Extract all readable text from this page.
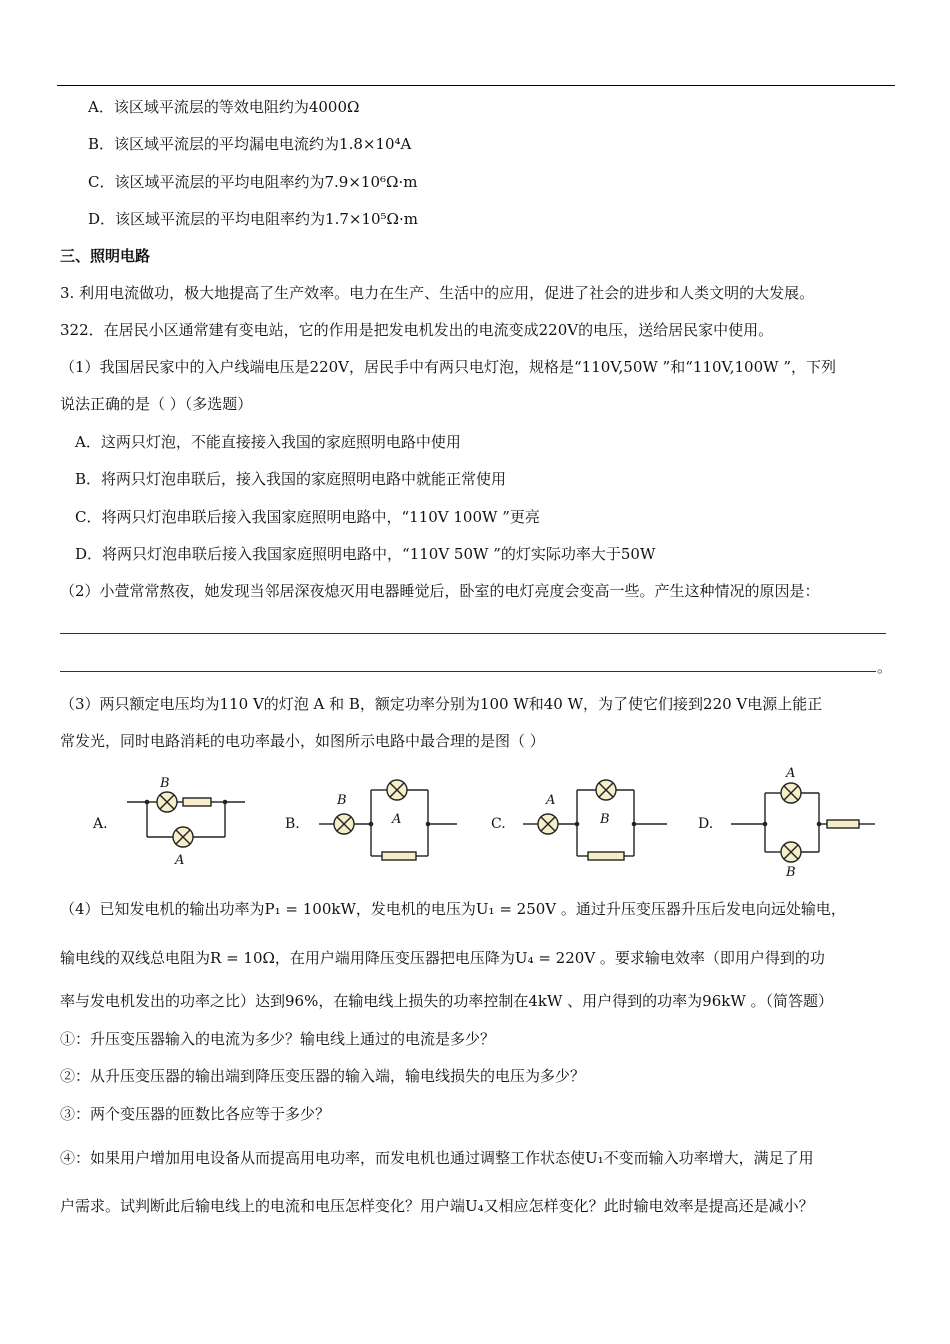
A．该区域平流层的等效电阻约为4000Ω
B．该区域平流层的平均漏电电流约为1.8×10⁴A
C．该区域平流层的平均电阻率约为7.9×10⁶Ω·m
D．该区域平流层的平均电阻率约为1.7×10⁵Ω·m
三、照明电路
3. 利用电流做功，极大地提高了生产效率。电力在生产、生活中的应用，促进了社会的进步和人类文明的大发展。
322．在居民小区通常建有变电站，它的作用是把发电机发出的电流变成220V的电压，送给居民家中使用。
（1）我国居民家中的入户线端电压是220V，居民手中有两只电灯泡，规格是“110V,50W ”和“110V,100W ”，下列
说法正确的是（ ）（多选题）
A．这两只灯泡，不能直接接入我国的家庭照明电路中使用
B．将两只灯泡串联后，接入我国的家庭照明电路中就能正常使用
C．将两只灯泡串联后接入我国家庭照明电路中，“110V 100W ”更亮
D．将两只灯泡串联后接入我国家庭照明电路中，“110V 50W ”的灯实际功率大于50W
（2）小萱常常熬夜，她发现当邻居深夜熄灭用电器睡觉后，卧室的电灯亮度会变高一些。产生这种情况的原因是：
。
（3）两只额定电压均为110 V的灯泡 A 和 B，额定功率分别为100 W和40 W，为了使它们接到220 V电源上能正
常发光，同时电路消耗的电功率最小，如图所示电路中最合理的是图（ ）
A.	B.	C.	D.
B
A
B
A
A
B
A
B
（4）已知发电机的输出功率为P₁ = 100kW，发电机的电压为U₁ = 250V 。通过升压变压器升压后发电向远处输电，
输电线的双线总电阻为R = 10Ω，在用户端用降压变压器把电压降为U₄ = 220V 。要求输电效率（即用户得到的功
率与发电机发出的功率之比）达到96%，在输电线上损失的功率控制在4kW 、用户得到的功率为96kW 。（简答题）
①：升压变压器输入的电流为多少？输电线上通过的电流是多少？
②：从升压变压器的输出端到降压变压器的输入端，输电线损失的电压为多少？
③：两个变压器的匝数比各应等于多少？
④：如果用户增加用电设备从而提高用电功率，而发电机也通过调整工作状态使U₁不变而输入功率增大，满足了用
户需求。试判断此后输电线上的电流和电压怎样变化？用户端U₄又相应怎样变化？此时输电效率是提高还是减小？
